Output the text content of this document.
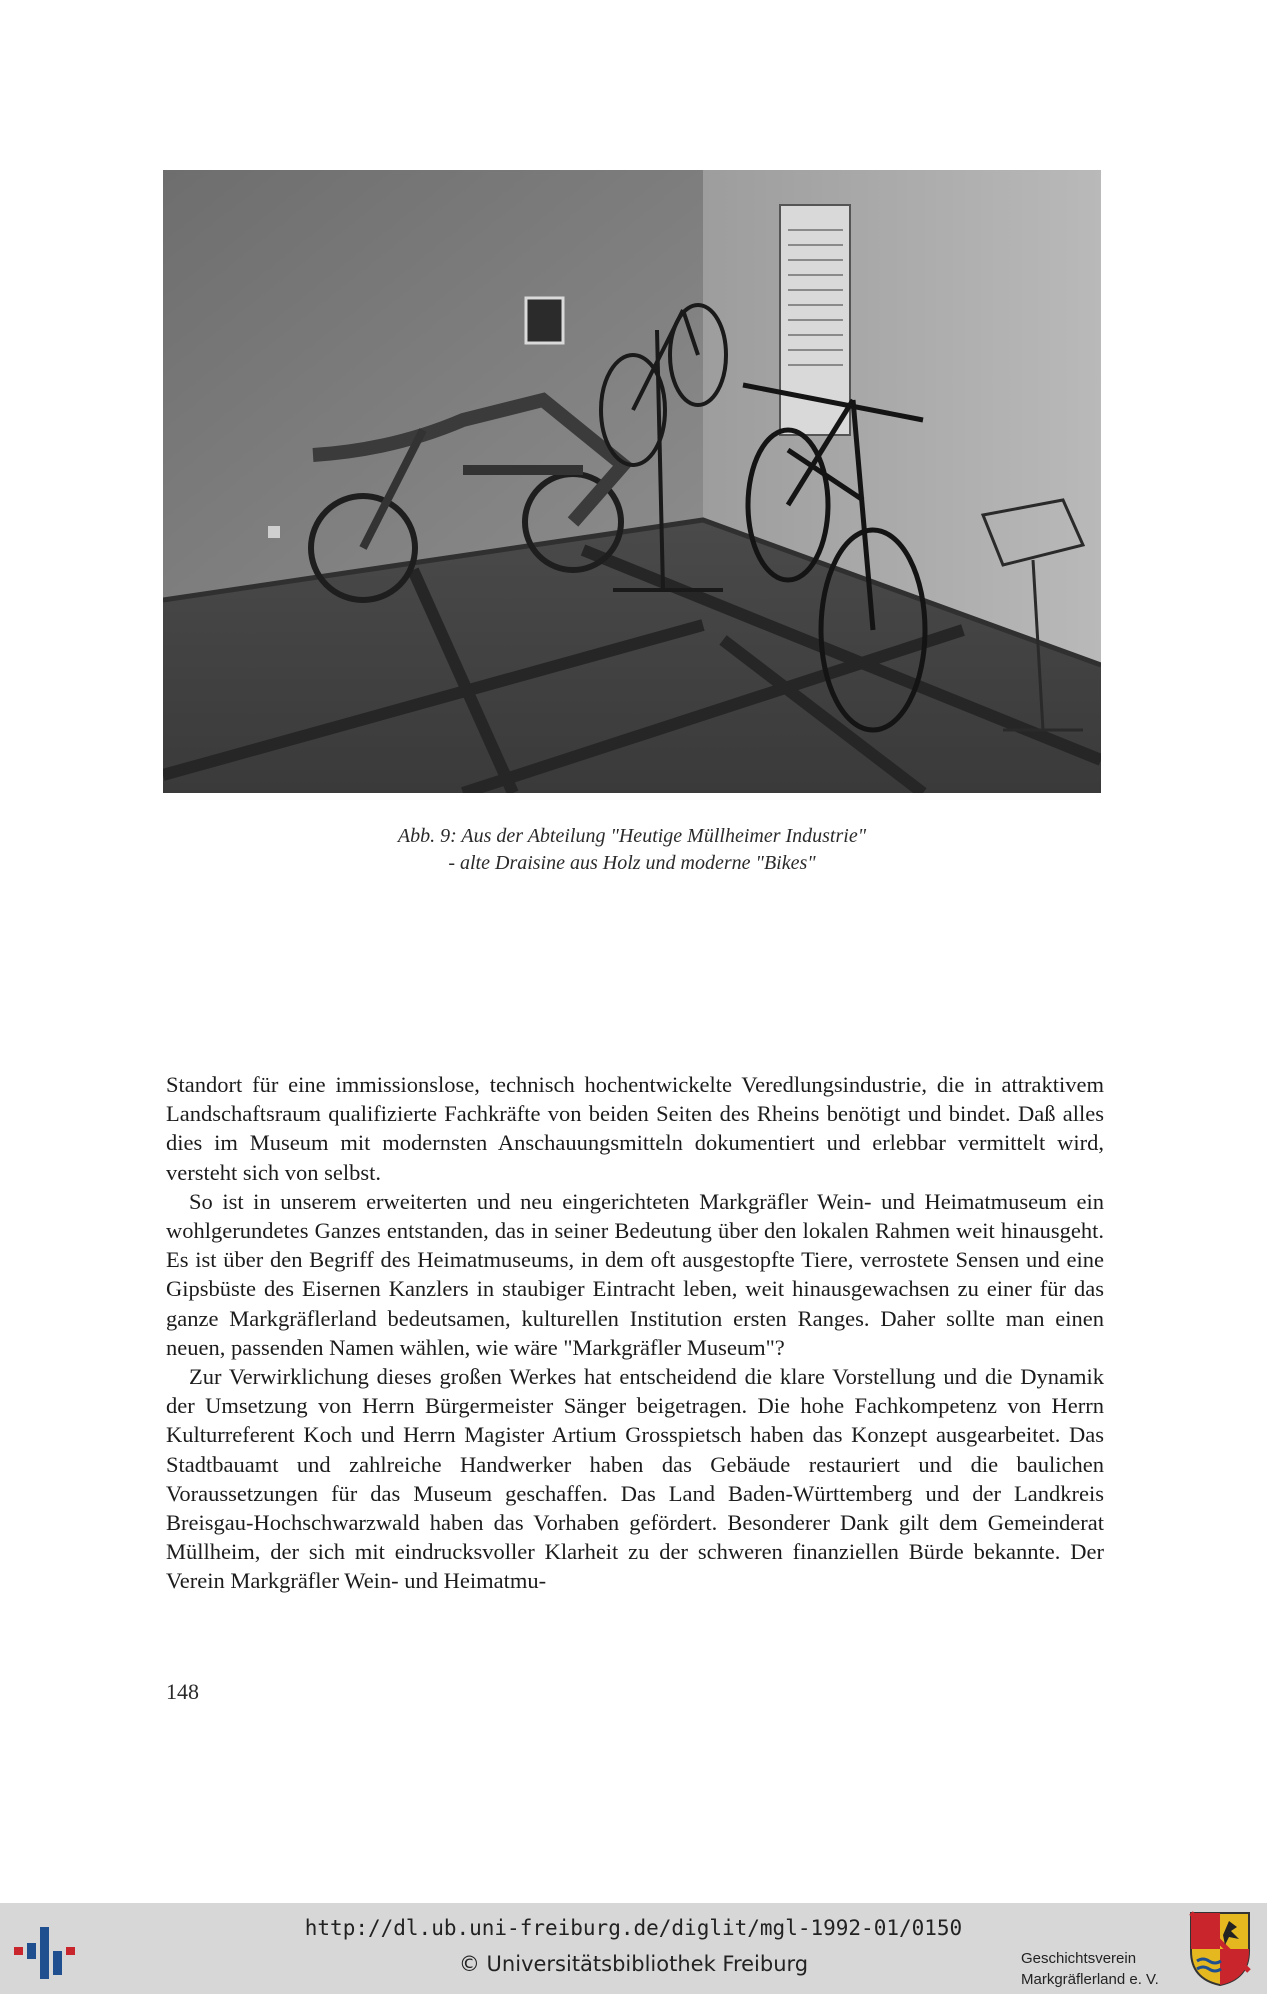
Abb. 9: Aus der Abteilung "Heutige Müllheimer Industrie"
- alte Draisine aus Holz und moderne "Bikes"

Standort für eine immissionslose, technisch hochentwickelte Veredlungsindustrie, die in attraktivem Landschaftsraum qualifizierte Fachkräfte von beiden Seiten des Rheins benötigt und bindet. Daß alles dies im Museum mit modernsten Anschauungsmitteln dokumentiert und erlebbar vermittelt wird, versteht sich von selbst.

So ist in unserem erweiterten und neu eingerichteten Markgräfler Wein- und Heimatmuseum ein wohlgerundetes Ganzes entstanden, das in seiner Bedeutung über den lokalen Rahmen weit hinausgeht. Es ist über den Begriff des Heimatmuseums, in dem oft ausgestopfte Tiere, verrostete Sensen und eine Gipsbüste des Eisernen Kanzlers in staubiger Eintracht leben, weit hinausgewachsen zu einer für das ganze Markgräflerland bedeutsamen, kulturellen Institution ersten Ranges. Daher sollte man einen neuen, passenden Namen wählen, wie wäre "Markgräfler Museum"?

Zur Verwirklichung dieses großen Werkes hat entscheidend die klare Vorstellung und die Dynamik der Umsetzung von Herrn Bürgermeister Sänger beigetragen. Die hohe Fachkompetenz von Herrn Kulturreferent Koch und Herrn Magister Artium Grosspietsch haben das Konzept ausgearbeitet. Das Stadtbauamt und zahlreiche Handwerker haben das Gebäude restauriert und die baulichen Voraussetzungen für das Museum geschaffen. Das Land Baden-Württemberg und der Landkreis Breisgau-Hochschwarzwald haben das Vorhaben gefördert. Besonderer Dank gilt dem Gemeinderat Müllheim, der sich mit eindrucksvoller Klarheit zu der schweren finanziellen Bürde bekannte. Der Verein Markgräfler Wein- und Heimatmu-

148
http://dl.ub.uni-freiburg.de/diglit/mgl-1992-01/0150
© Universitätsbibliothek Freiburg	Geschichtsverein
Markgräflerland e. V.
